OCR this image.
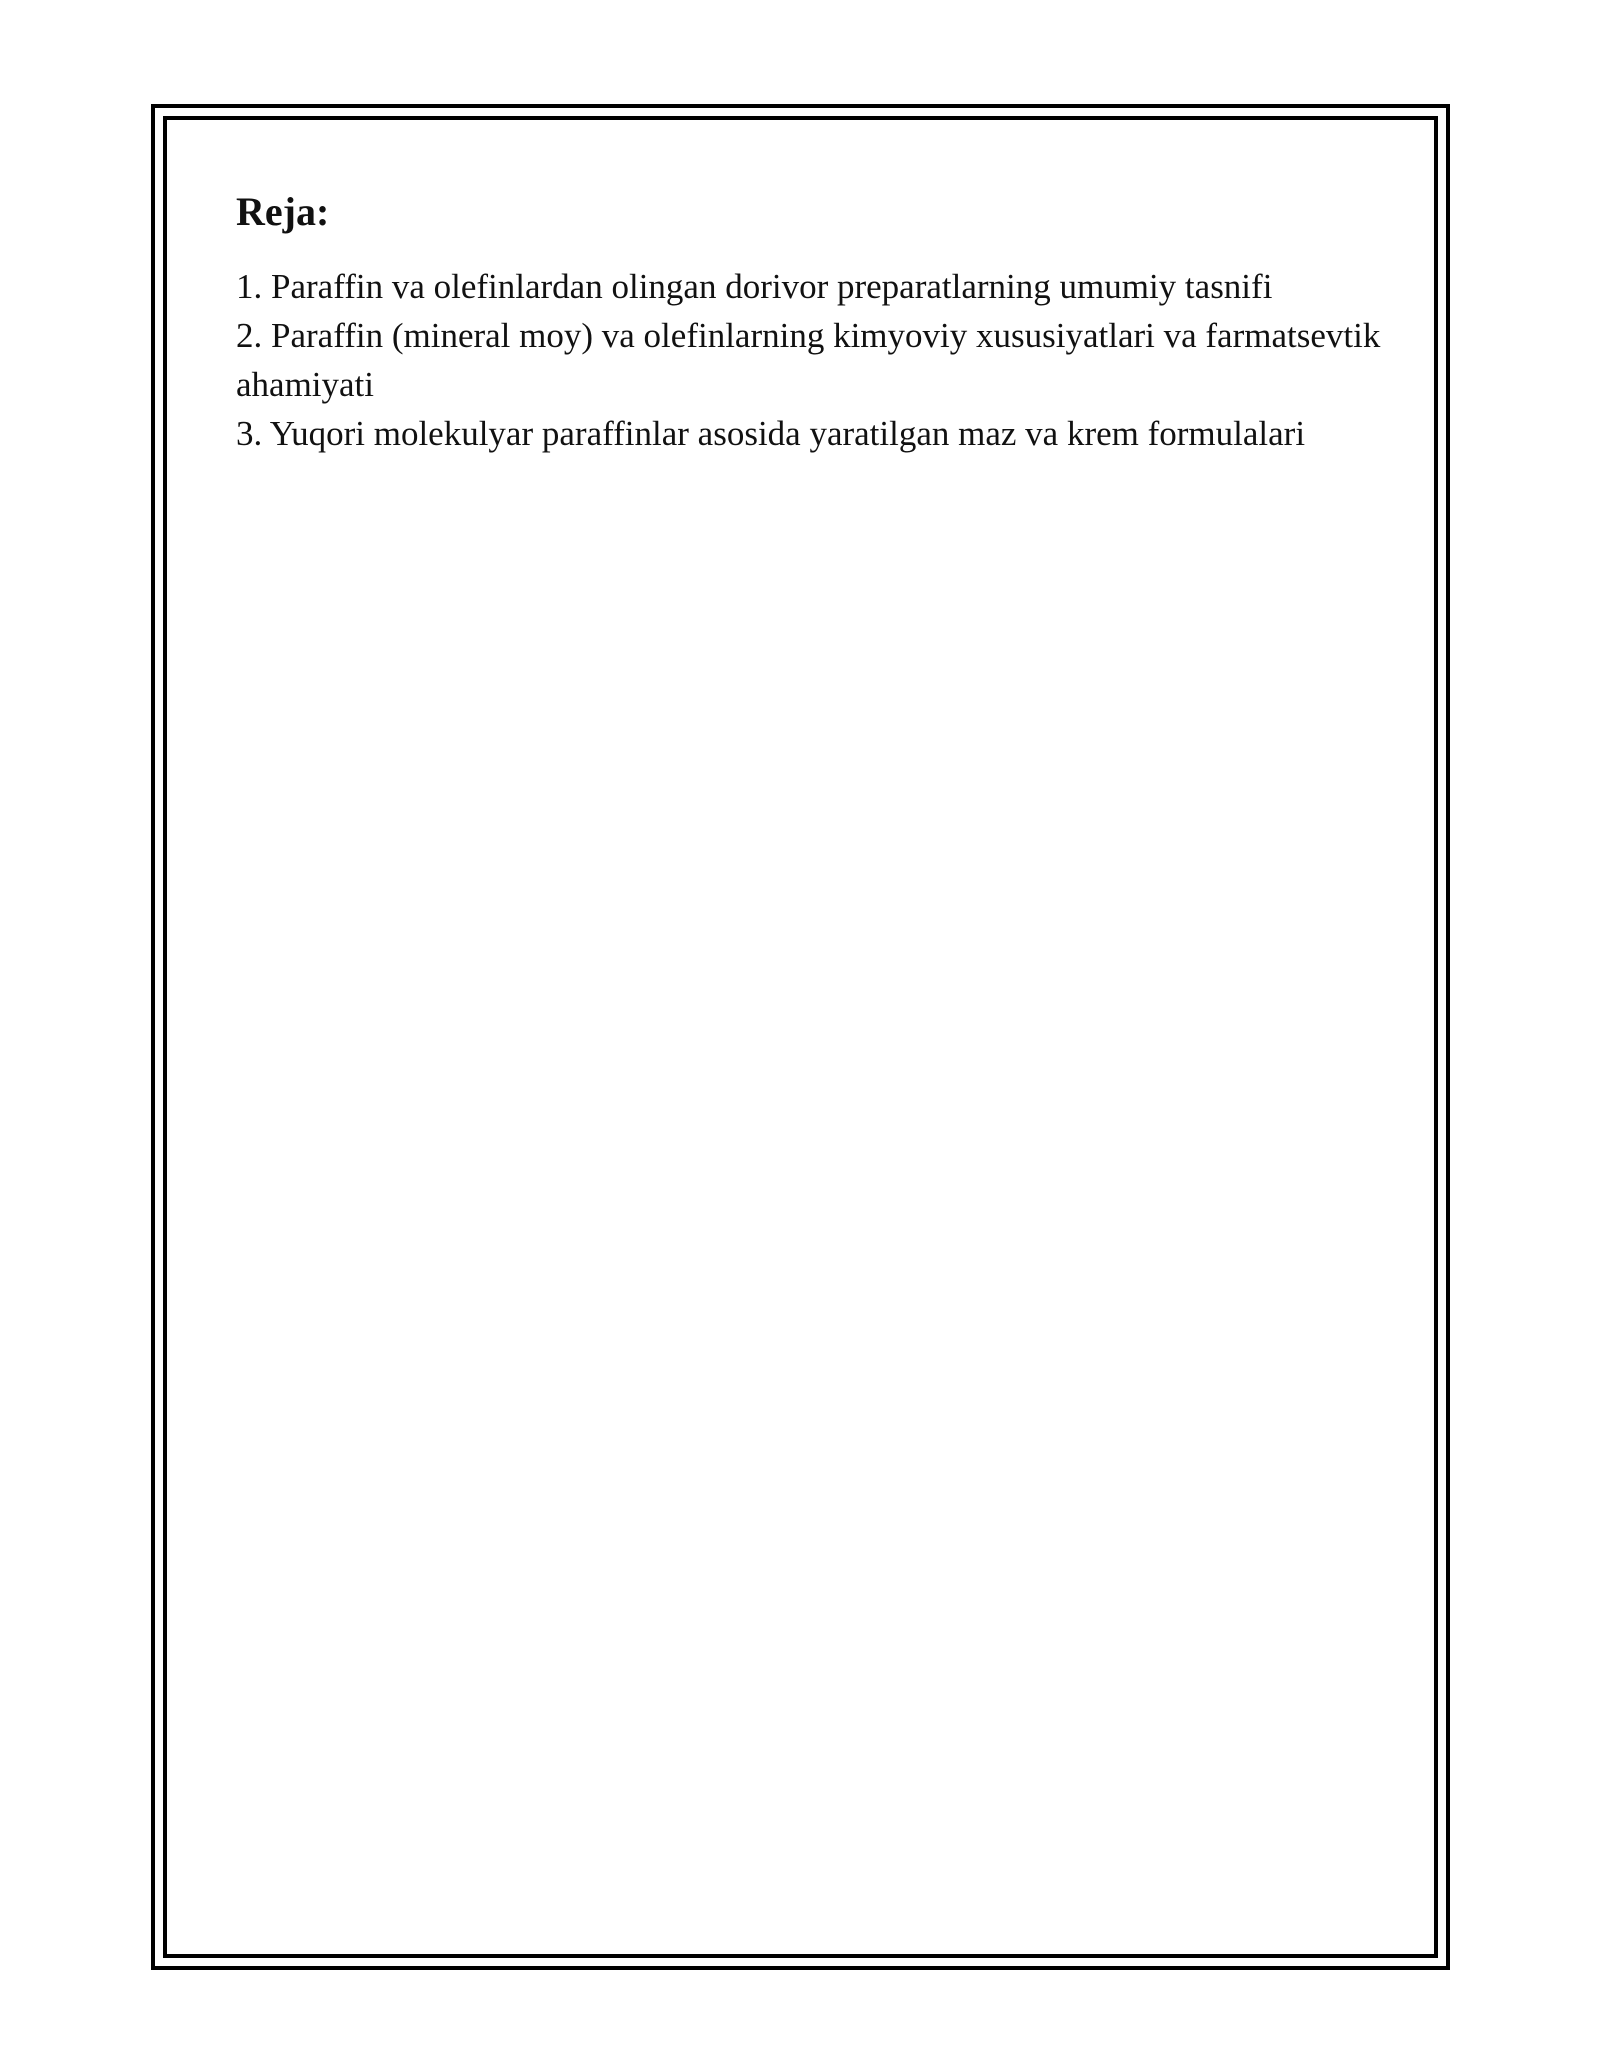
Reja:
1. Paraffin va olefinlardan olingan dorivor preparatlarning umumiy tasnifi
2. Paraffin (mineral moy) va olefinlarning kimyoviy xususiyatlari va farmatsevtik ahamiyati
3. Yuqori molekulyar paraffinlar asosida yaratilgan maz va krem formulalari
